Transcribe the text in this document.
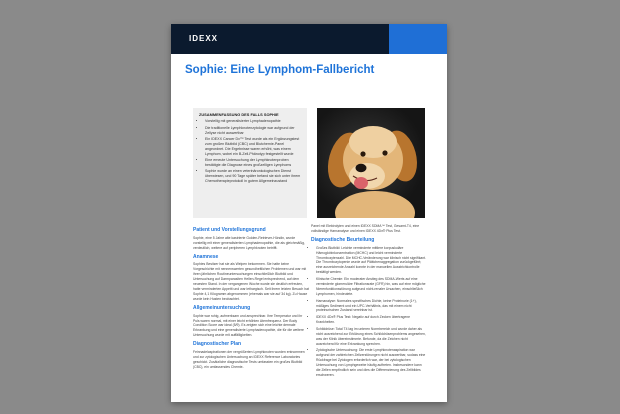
IDEXX
Sophie: Eine Lymphom-Fallbericht
ZUSAMMENFASSUNG DES FALLS SOPHIE
• Vorstellig mit generalisierter Lymphadenopathie
• Die traditionelle Lymphknotenzytologie war aufgrund der Zellyse nicht auswertbar
• Ein IDEXX Cancer Dx™ Test wurde als ein Ergänzungstest zum großen Blutbild (CBC) und Blutchemie-Panel angeordnet. Die Ergebnisse waren erhöht, was einem Lymphom, wobei ein B-Zell-Phänotyp festgestellt wurde
• Eine erneute Untersuchung der Lymphknotenproben bestätigte die Diagnose eines großzelligen Lymphoms
• Sophie wurde an einen veterinäronkologischen Dienst überwiesen, und 90 Tage später befand sie sich unter ihrem Chemotherapieprotokoll in gutem Allgemeinzustand
Patient und Vorstellungsgrund

Sophie, eine 5 Jahre alte kastrierte Golden-Retriever-Hündin, wurde vorstellig mit einer generalisierten Lymphadenopathie, die als gleichmäßig, verdeutlich, weitere auf peripheren Lymphknoten betrifft.

Anamnese

Sophies Besitzer hat sie als Welpen bekommen. Sie hatte keine Vorgeschichte mit nennenswerten gesundheitlichen Problemen und war mit ihren jährlichen Routineuntersuchungen einschließlich Blutbild und Untersuchung auf Darmparasiten Hellen-Regel entsprechend, auf dem neuesten Stand. In der vergangenen Woche wurde sie deutlich erfreuten, hatte verminderten Appetit und war lethargisch. Seit ihrem letzten Besuch hat Sophie 4,1 Kilogramm abgenommen (ehemals war sie auf 34 kg). Zu Hause wurde kein Husten beobachtet.

Allgemeinuntersuchung

Sophie war ruhig, aufmerksam und ansprechbar. Ihre Temperatur und ihr Puls waren normal, mit einer leicht erhöhten Atemfrequenz. Der Body Condition Score war ideal (5/9). Es zeigten sich eine leichte dermale Erkrankung und eine generalisierte Lymphadenopathie, die für die weitere Untersuchung wurde mit auffälligkeiten.

Diagnostischer Plan

Feinnadelaspirationen der vergrößerten Lymphknoten wurden entnommen und zur zytologischen Untersuchung an IDEXX Reference Laboratories geschickt. Zusätzliche diagnostische Tests umfassten ein großes Blutbild (CBC), ein umfassendes Chemie-

Panel mit Elektrolyten und einen IDEXX SDMA™ Test, Gesamt-T4, eine vollständige Harnanalyse und einen IDEXX 4Dx® Plus Test.

Diagnostische Beurteilung
• Großes Blutbild: Leichte verminderte mittlere korpuskuläre Hämoglobinkonzentration (MCHC) und leicht verminderte Thrombozytenzahl. Die MCHC-Veränderung war klinisch nicht signifikant. Die Thrombozytopenie wurde auf Plättchenaggregation zurückgeführt; eine ausreichende Anzahl konnte in der manuellen Ausstrichkontrolle bestätigt werden.
• Klinische Chemie: Ein moderater Anstieg des SDMA-Werts auf eine verminderte glomeruläre Filtrationsrate (GFR) hin, was auf eine mögliche Nierenfunktionsstörung aufgrund nicht-renaler Ursachen, einschließlich Lymphomen, hindeutete.
• Harnanalyse: Normales spezifisches Dichte, keine Proteinurie (1+), mäßiges Sediment und ein UPC-Verhältnis, das mit einem nicht proteinurischen Zustand vereinbar ist.
• IDEXX 4Dx® Plus Test: Negativ auf durch Zecken übertragene Krankheiten.
• Schilddrüse: Total T4 lag im unteren Normbereich und wurde daher als nicht ausreichend zur Erklärung eines Schilddrüsenproblems angesehen, was der Klinik übereinstimmte. Befunde, da die Zeichen nicht ausreichend für eine Erkrankung sprechen.
• Zytologische Untersuchung: Die erste Lymphknotenaspiration war aufgrund der zahlreichen Zellzerstörungen nicht auswertbar, sodass eine Rückfrage bei Zytologen erforderlich war, der bei zytologischen Untersuchung von Lymphgewebe häufig auftreten. Insbesondere kann die Zellen empfindlich sein und dies die Differenzierung des Zellbildes erschweren.
